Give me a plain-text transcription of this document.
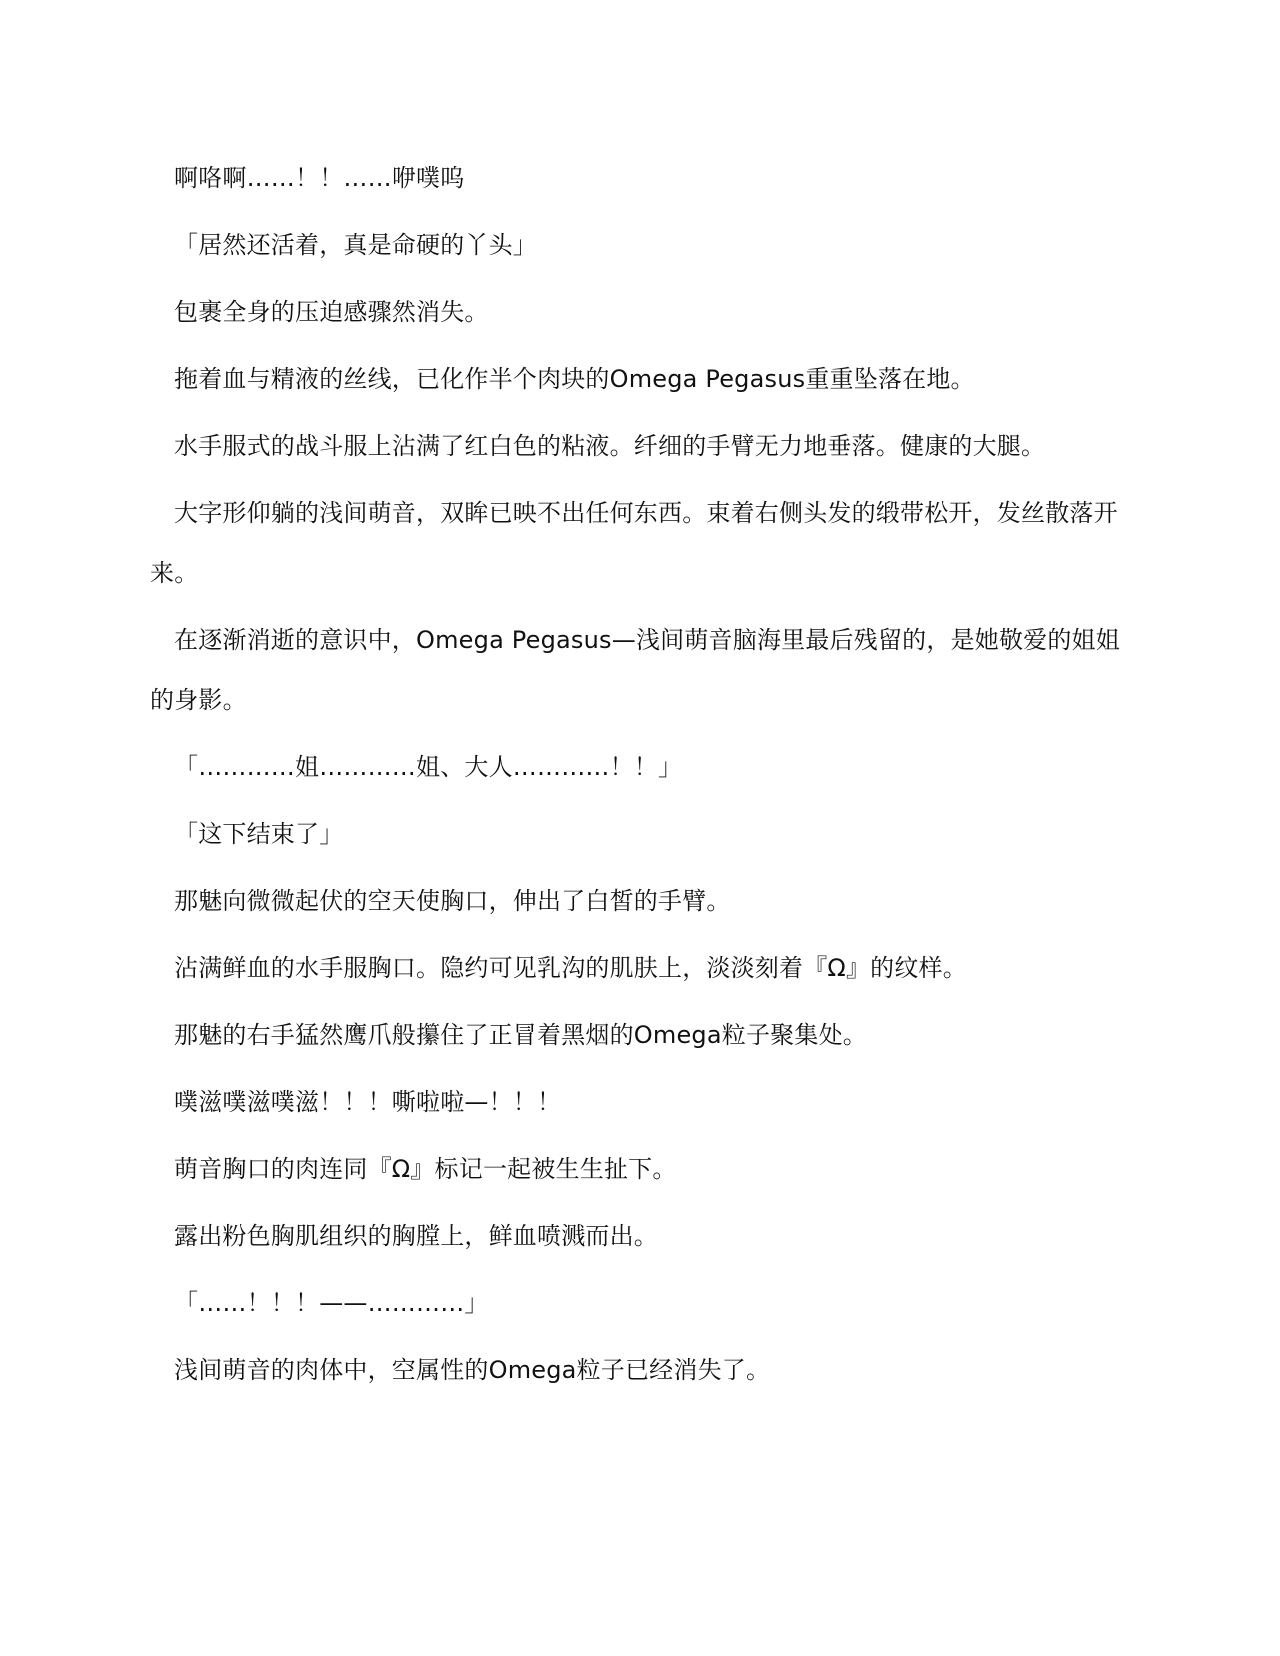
啊咯啊……！！……咿噗呜

「居然还活着，真是命硬的丫头」

包裹全身的压迫感骤然消失。

拖着血与精液的丝线，已化作半个肉块的Omega Pegasus重重坠落在地。

水手服式的战斗服上沾满了红白色的粘液。纤细的手臂无力地垂落。健康的大腿。

大字形仰躺的浅间萌音，双眸已映不出任何东西。束着右侧头发的缎带松开，发丝散落开来。

在逐渐消逝的意识中，Omega Pegasus—浅间萌音脑海里最后残留的，是她敬爱的姐姐的身影。

「…………姐…………姐、大人…………！！」

「这下结束了」

那魅向微微起伏的空天使胸口，伸出了白皙的手臂。

沾满鲜血的水手服胸口。隐约可见乳沟的肌肤上，淡淡刻着『Ω』的纹样。

那魅的右手猛然鹰爪般攥住了正冒着黑烟的Omega粒子聚集处。

噗滋噗滋噗滋！！！嘶啦啦—！！！

萌音胸口的肉连同『Ω』标记一起被生生扯下。

露出粉色胸肌组织的胸膛上，鲜血喷溅而出。

「……！！！——…………」

浅间萌音的肉体中，空属性的Omega粒子已经消失了。
